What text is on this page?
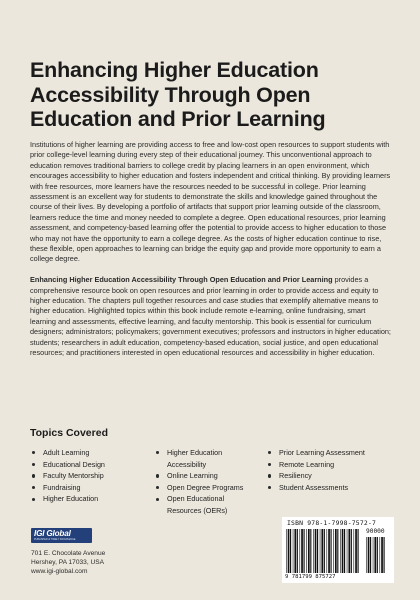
Enhancing Higher Education
Accessibility Through Open
Education and Prior Learning

Institutions of higher learning are providing access to free and low-cost open resources to support students with prior college-level learning during every step of their educational journey. This unconventional approach to education removes traditional barriers to college credit by placing learners in an open environment, which encourages accessibility to higher education and fosters independent and critical thinking. By providing learners with free resources, more learners have the resources needed to be successful in college. Prior learning assessment is an excellent way for students to demonstrate the skills and knowledge gained throughout the course of their lives. By developing a portfolio of artifacts that support prior learning outside of the classroom, learners reduce the time and money needed to complete a degree. Open educational resources, prior learning assessment, and competency-based learning offer the potential to provide access to higher education to those who may not have the opportunity to earn a college degree. As the costs of higher education continue to rise, these flexible, open approaches to learning can bridge the equity gap and provide more opportunity to earn a college degree.

Enhancing Higher Education Accessibility Through Open Education and Prior Learning provides a comprehensive resource book on open resources and prior learning in order to provide access and equity to higher education. The chapters pull together resources and case studies that exemplify alternative means to higher education. Highlighted topics within this book include remote e-learning, online fundraising, smart learning and assessments, effective learning, and faculty mentorship. This book is essential for curriculum designers; administrators; policymakers; government executives; professors and instructors in higher education; students; researchers in adult education, competency-based education, social justice, and open educational resources; and practitioners interested in open educational resources and accessibility in higher education.

Topics Covered
Adult Learning
Educational Design
Faculty Mentorship
Fundraising
Higher Education
Higher Education
Accessibility
Online Learning
Open Degree Programs
Open Educational
Resources (OERs)
Prior Learning Assessment
Remote Learning
Resiliency
Student Assessments
IGI Global
PUBLISHER of TIMELY KNOWLEDGE
701 E. Chocolate Avenue
Hershey, PA 17033, USA
www.igi-global.com
ISBN 978-1-7998-7572-7
90000
9 781799 875727
